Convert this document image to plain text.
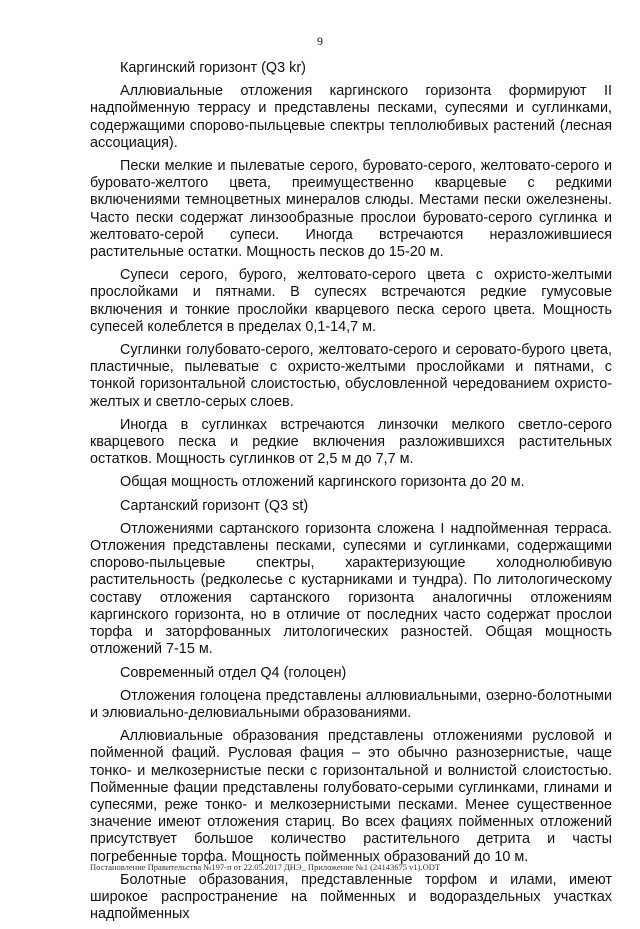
9

Каргинский горизонт (Q3 kr)

Аллювиальные отложения каргинского горизонта формируют II надпойменную террасу и представлены песками, супесями и суглинками, содержащими спорово-пыльцевые спектры теплолюбивых растений (лесная ассоциация).

Пески мелкие и пылеватые серого, буровато-серого, желтовато-серого и буровато-желтого цвета, преимущественно кварцевые с редкими включениями темноцветных минералов слюды. Местами пески ожелезнены. Часто пески содержат линзообразные прослои буровато-серого суглинка и желтовато-серой супеси. Иногда встречаются неразложившиеся растительные остатки. Мощность песков до 15-20 м.

Супеси серого, бурого, желтовато-серого цвета с охристо-желтыми прослойками и пятнами. В супесях встречаются редкие гумусовые включения и тонкие прослойки кварцевого песка серого цвета. Мощность супесей колеблется в пределах 0,1-14,7 м.

Суглинки голубовато-серого, желтовато-серого и серовато-бурого цвета, пластичные, пылеватые с охристо-желтыми прослойками и пятнами, с тонкой горизонтальной слоистостью, обусловленной чередованием охристо-желтых и светло-серых слоев.

Иногда в суглинках встречаются линзочки мелкого светло-серого кварцевого песка и редкие включения разложившихся растительных остатков. Мощность суглинков от 2,5 м до 7,7 м.

Общая мощность отложений каргинского горизонта до 20 м.

Сартанский горизонт (Q3 st)

Отложениями сартанского горизонта сложена I надпойменная терраса. Отложения представлены песками, супесями и суглинками, содержащими спорово-пыльцевые спектры, характеризующие холоднолюбивую растительность (редколесье с кустарниками и тундра). По литологическому составу отложения сартанского горизонта аналогичны отложениям каргинского горизонта, но в отличие от последних часто содержат прослои торфа и заторфованных литологических разностей. Общая мощность отложений 7-15 м.

Современный отдел Q4 (голоцен)

Отложения голоцена представлены аллювиальными, озерно-болотными и элювиально-делювиальными образованиями.

Аллювиальные образования представлены отложениями русловой и пойменной фаций. Русловая фация – это обычно разнозернистые, чаще тонко- и мелкозернистые пески с горизонтальной и волнистой слоистостью. Пойменные фации представлены голубовато-серыми суглинками, глинами и супесями, реже тонко- и мелкозернистыми песками. Менее существенное значение имеют отложения стариц. Во всех фациях пойменных отложений присутствует большое количество растительного детрита и часты погребенные торфа. Мощность пойменных образований до 10 м.

Болотные образования, представленные торфом и илами, имеют широкое распространение на пойменных и водораздельных участках надпойменных

Постановление Правительства №197-п от 22.05.2017 ДНЭ_ Приложение №1 (24143675 v1).ODT
